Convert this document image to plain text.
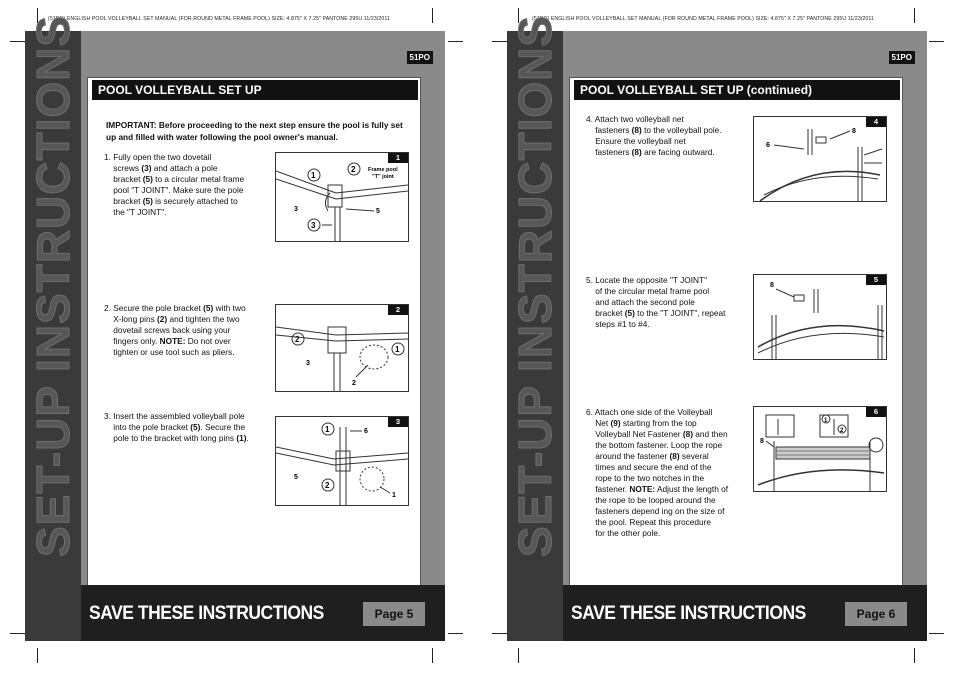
(51PO) ENGLISH POOL VOLLEYBALL SET MANUAL (FOR ROUND METAL FRAME POOL) SIZE: 4.875" X 7.25" PANTONE 295U 11/23/2011
SET-UP INSTRUCTIONS	51PO
POOL VOLLEYBALL SET UP
IMPORTANT: Before proceeding to the next step ensure the pool is fully set up and filled with water following the pool owner's manual.
1. Fully open the two dovetail
screws (3) and attach a pole
bracket (5) to a circular metal frame
pool "T JOINT". Make sure the pole
bracket (5) is securely attached to
the "T JOINT".
1
1
2
3
3	5
Frame pool
"T" joint
2. Secure the pole bracket (5) with two
X-long pins (2) and tighten the two
dovetail screws back using your
fingers only. NOTE: Do not over
tighten or use tool such as pliers.
2
2
1
3
2
3. Insert the assembled volleyball pole
into the pole bracket (5). Secure the
pole to the bracket with long pins (1).
3
1	6
5
2
1
SAVE THESE INSTRUCTIONS	Page 5
(51PO) ENGLISH POOL VOLLEYBALL SET MANUAL (FOR ROUND METAL FRAME POOL) SIZE: 4.875" X 7.25" PANTONE 295U 11/23/2011
SET-UP INSTRUCTIONS	51PO
POOL VOLLEYBALL SET UP (continued)
4. Attach two volleyball net
fasteners (8) to the volleyball pole.
Ensure the volleyball net
fasteners (8) are facing outward.
4
8
6
5. Locate the opposite "T JOINT"
of the circular metal frame pool
and attach the second pole
bracket (5) to the "T JOINT", repeat
steps #1 to #4.
5
8
6. Attach one side of the Volleyball
Net (9) starting from the top
Volleyball Net Fastener (8) and then
the bottom fastener. Loop the rope
around the fastener (8) several
times and secure the end of the
rope to the two notches in the
fastener. NOTE: Adjust the length of
the rope to be looped around the
fasteners depend ing on the size of
the pool. Repeat this procedure
for the other pole.
6
1
2
8
SAVE THESE INSTRUCTIONS	Page 6
